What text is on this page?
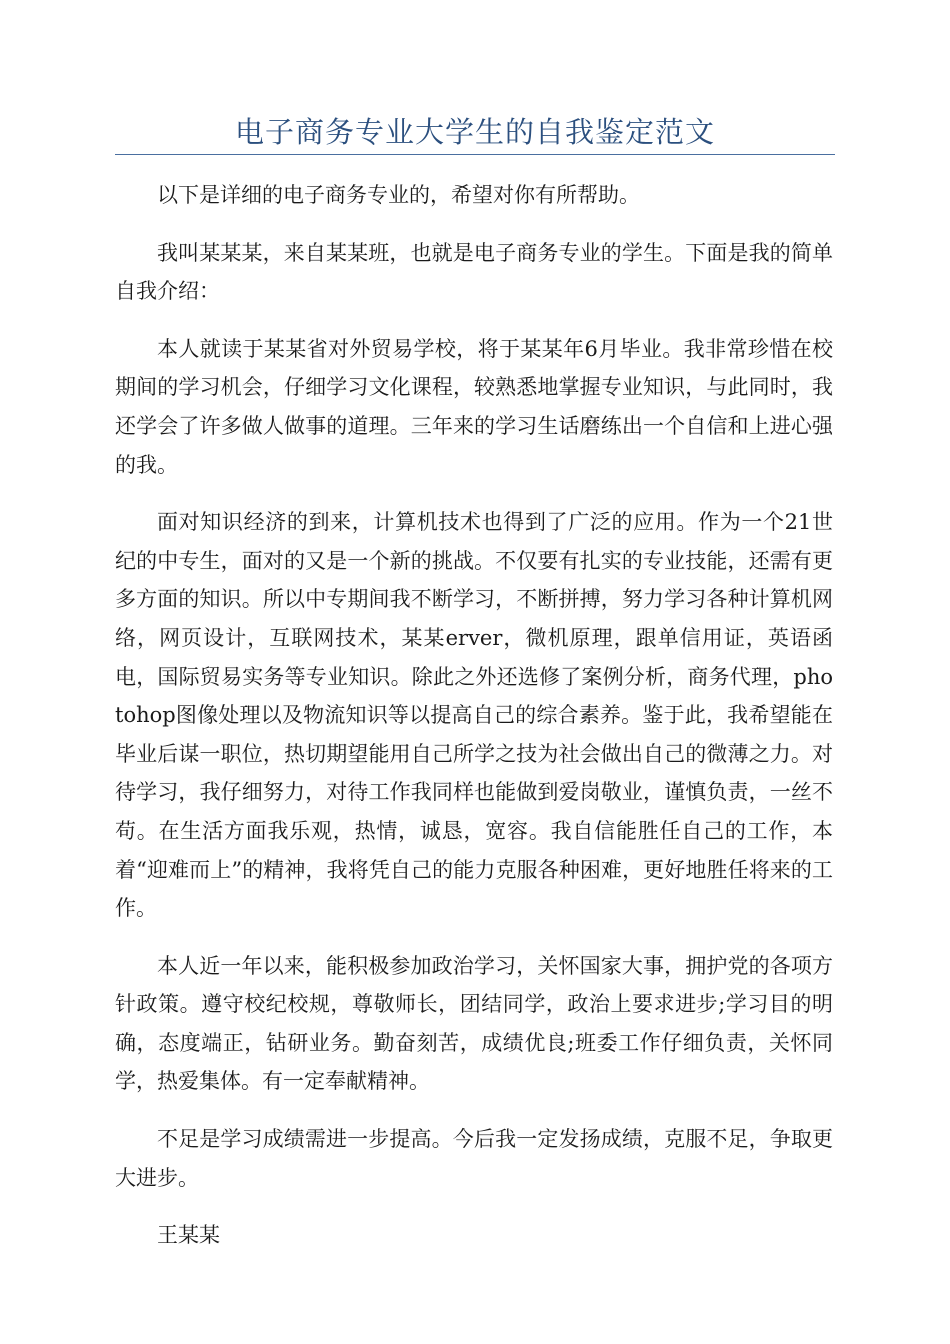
电子商务专业大学生的自我鉴定范文

以下是详细的电子商务专业的，希望对你有所帮助。

我叫某某某，来自某某班，也就是电子商务专业的学生。下面是我的简单自我介绍：

本人就读于某某省对外贸易学校，将于某某年6月毕业。我非常珍惜在校期间的学习机会，仔细学习文化课程，较熟悉地掌握专业知识，与此同时，我还学会了许多做人做事的道理。三年来的学习生话磨练出一个自信和上进心强的我。

面对知识经济的到来，计算机技术也得到了广泛的应用。作为一个21世纪的中专生，面对的又是一个新的挑战。不仅要有扎实的专业技能，还需有更多方面的知识。所以中专期间我不断学习，不断拼搏，努力学习各种计算机网络，网页设计，互联网技术，某某erver，微机原理，跟单信用证，英语函电，国际贸易实务等专业知识。除此之外还选修了案例分析，商务代理，photohop图像处理以及物流知识等以提高自己的综合素养。鉴于此，我希望能在毕业后谋一职位，热切期望能用自己所学之技为社会做出自己的微薄之力。对待学习，我仔细努力，对待工作我同样也能做到爱岗敬业，谨慎负责，一丝不苟。在生活方面我乐观，热情，诚恳，宽容。我自信能胜任自己的工作，本着“迎难而上”的精神，我将凭自己的能力克服各种困难，更好地胜任将来的工作。

本人近一年以来，能积极参加政治学习，关怀国家大事，拥护党的各项方针政策。遵守校纪校规，尊敬师长，团结同学，政治上要求进步;学习目的明确，态度端正，钻研业务。勤奋刻苦，成绩优良;班委工作仔细负责，关怀同学，热爱集体。有一定奉献精神。

不足是学习成绩需进一步提高。今后我一定发扬成绩，克服不足，争取更大进步。

王某某
